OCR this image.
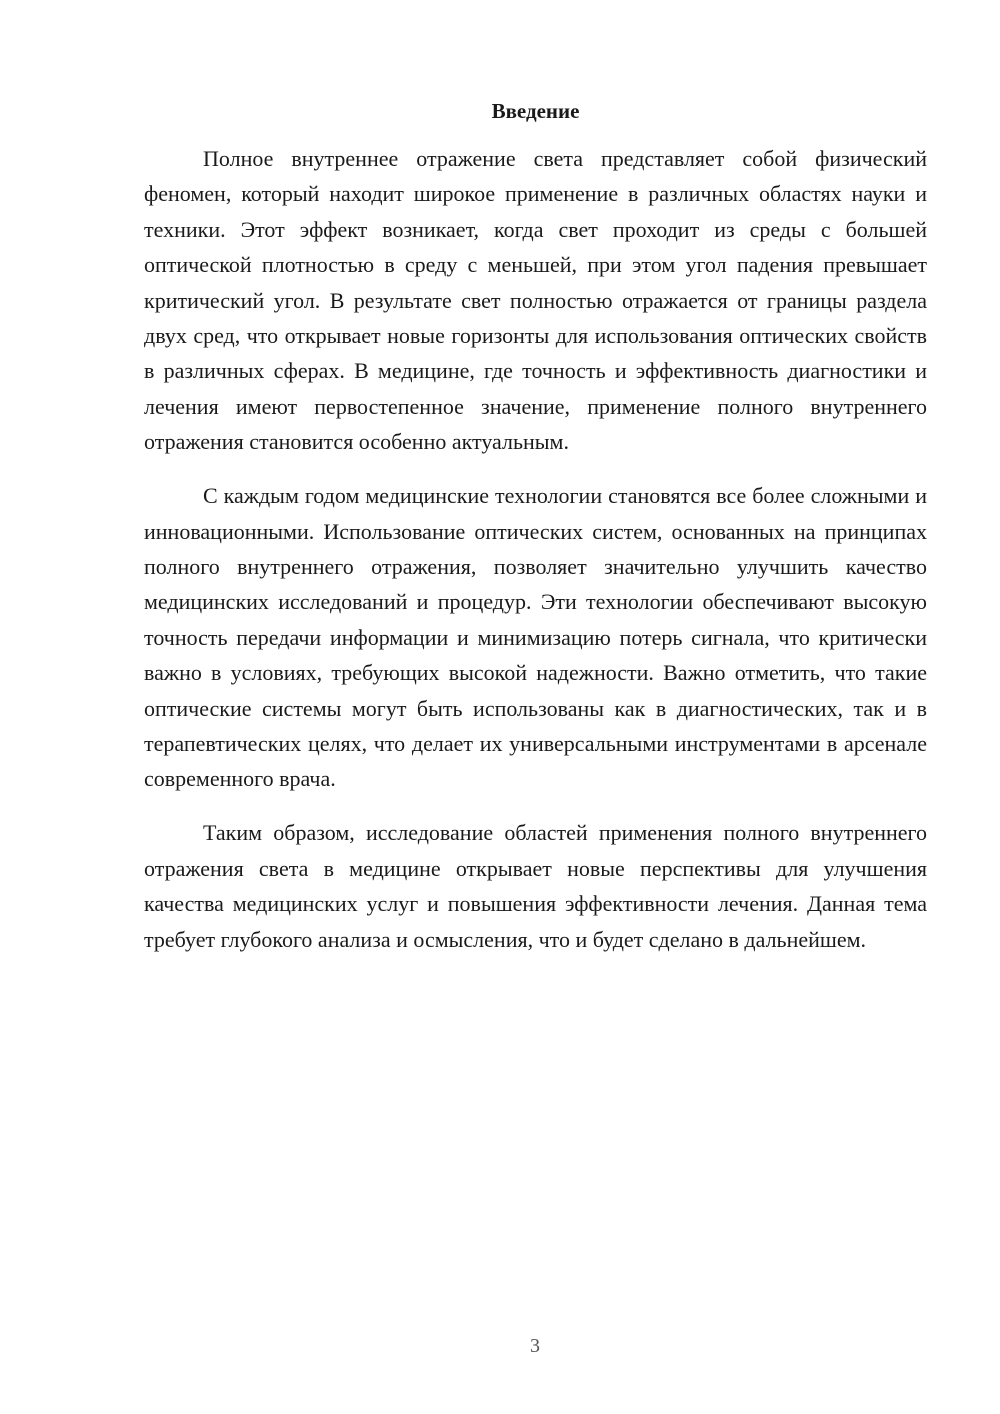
Введение

Полное внутреннее отражение света представляет собой физический феномен, который находит широкое применение в различных областях науки и техники. Этот эффект возникает, когда свет проходит из среды с большей оптической плотностью в среду с меньшей, при этом угол падения превышает критический угол. В результате свет полностью отражается от границы раздела двух сред, что открывает новые горизонты для использования оптических свойств в различных сферах. В медицине, где точность и эффективность диагностики и лечения имеют первостепенное значение, применение полного внутреннего отражения становится особенно актуальным.

С каждым годом медицинские технологии становятся все более сложными и инновационными. Использование оптических систем, основанных на принципах полного внутреннего отражения, позволяет значительно улучшить качество медицинских исследований и процедур. Эти технологии обеспечивают высокую точность передачи информации и минимизацию потерь сигнала, что критически важно в условиях, требующих высокой надежности. Важно отметить, что такие оптические системы могут быть использованы как в диагностических, так и в терапевтических целях, что делает их универсальными инструментами в арсенале современного врача.

Таким образом, исследование областей применения полного внутреннего отражения света в медицине открывает новые перспективы для улучшения качества медицинских услуг и повышения эффективности лечения. Данная тема требует глубокого анализа и осмысления, что и будет сделано в дальнейшем.

3
